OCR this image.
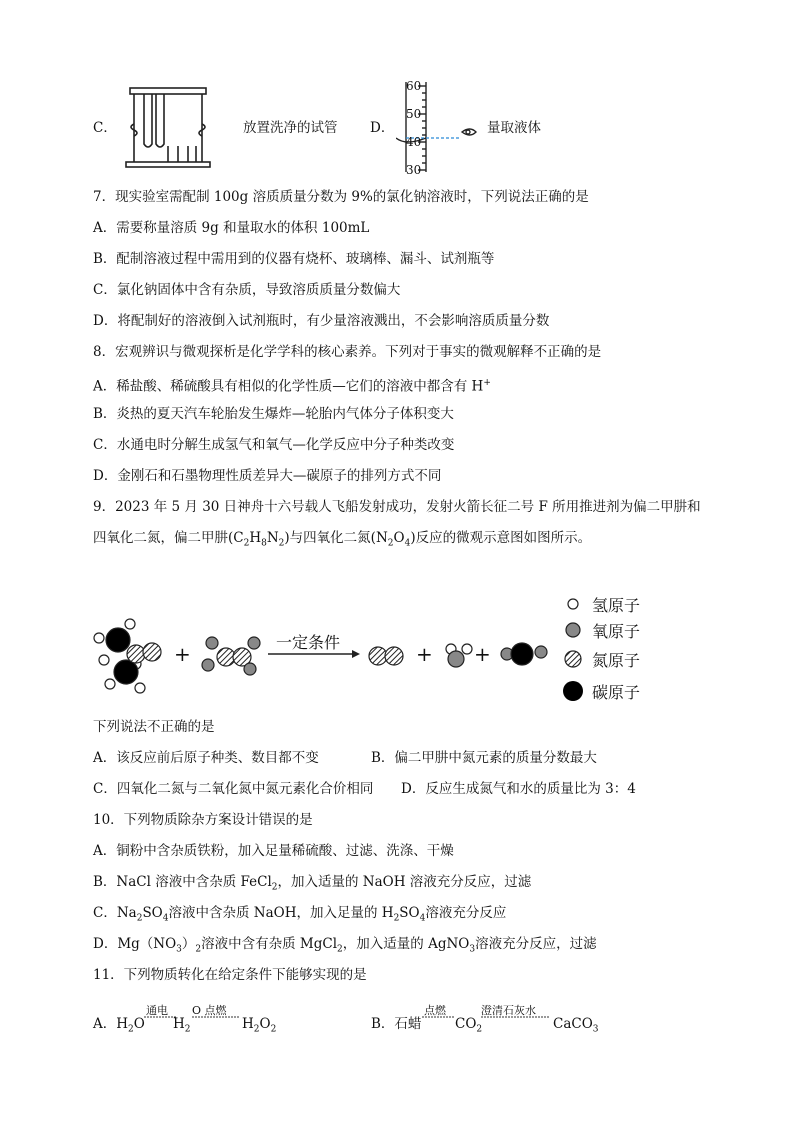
C．	放置洗净的试管 D．
60
50
40
30
量取液体
7．现实验室需配制 100g 溶质质量分数为 9%的氯化钠溶液时，下列说法正确的是
A．需要称量溶质 9g 和量取水的体积 100mL
B．配制溶液过程中需用到的仪器有烧杯、玻璃棒、漏斗、试剂瓶等
C．氯化钠固体中含有杂质，导致溶质质量分数偏大
D．将配制好的溶液倒入试剂瓶时，有少量溶液溅出，不会影响溶质质量分数
8．宏观辨识与微观探析是化学学科的核心素养。下列对于事实的微观解释不正确的是
A．稀盐酸、稀硫酸具有相似的化学性质—它们的溶液中都含有 H+
B．炎热的夏天汽车轮胎发生爆炸—轮胎内气体分子体积变大
C．水通电时分解生成氢气和氧气—化学反应中分子种类改变
D．金刚石和石墨物理性质差异大—碳原子的排列方式不同
9．2023 年 5 月 30 日神舟十六号载人飞船发射成功，发射火箭长征二号 F 所用推进剂为偏二甲肼和
四氧化二氮，偏二甲肼$(C_2H_8N_2)$与四氧化二氮$(N_2O_4)$反应的微观示意图如图所示。
+	+ +
一定条件
氢原子
氧原子
氮原子
碳原子
下列说法不正确的是
A．该反应前后原子种类、数目都不变	B．偏二甲肼中氮元素的质量分数最大
C．四氧化二氮与二氧化氮中氮元素化合价相同 D．反应生成氮气和水的质量比为 3：4
10．下列物质除杂方案设计错误的是
A．铜粉中含杂质铁粉，加入足量稀硫酸、过滤、洗涤、干燥
B．NaCl 溶液中含杂质 FeCl$_2$，加入适量的 NaOH 溶液充分反应，过滤
C．$Na_2SO_4$溶液中含杂质 NaOH，加入足量的 $H_2SO_4$溶液充分反应
D．$Mg(NO_3)_2$溶液中含有杂质 MgCl$_2$，加入适量的 AgNO$_3$溶液充分反应，过滤
11．下列物质转化在给定条件下能够实现的是
A．$H_2O$
通电
$H_2$
O 点燃
$H_2O_2$	B．石蜡
点燃
$CO_2$
澄清石灰水
CaCO$_3$
